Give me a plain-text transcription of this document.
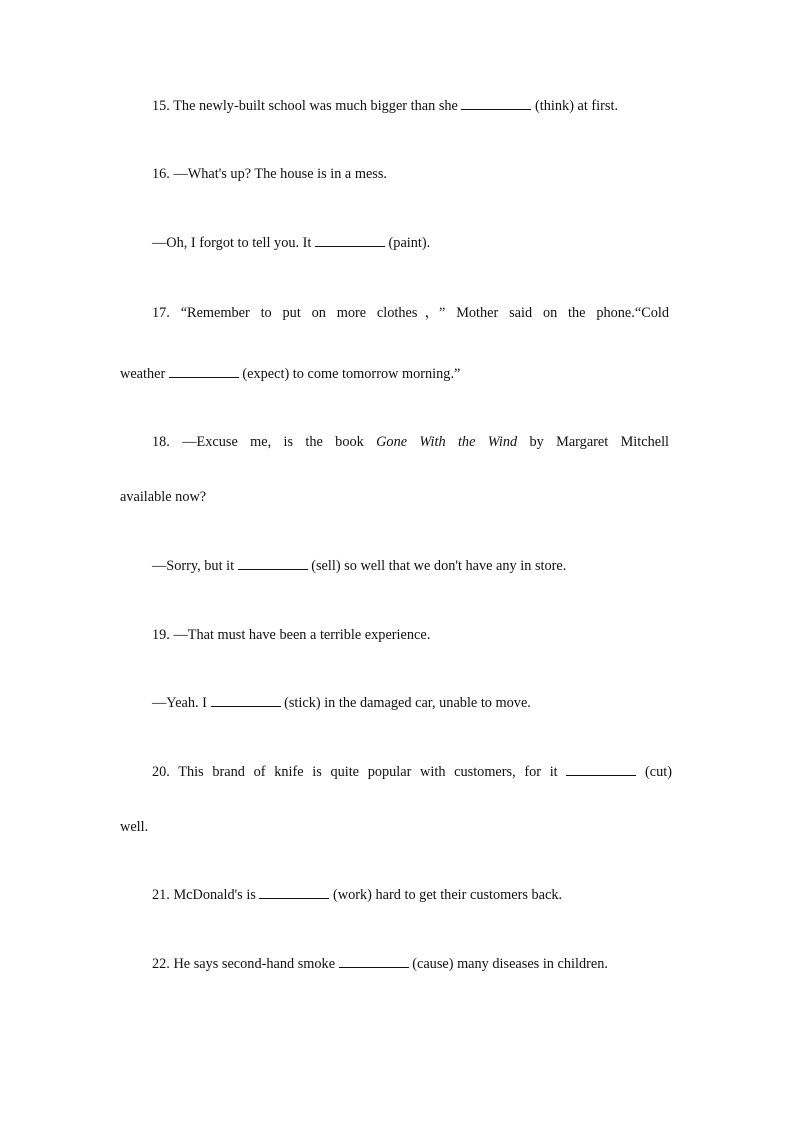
15. The newly-built school was much bigger than she	(think) at first.
16. —What's up? The house is in a mess.
—Oh, I forgot to tell you. It	(paint).
17. “Remember to put on more clothes，” Mother said on the phone.“Cold
weather	(expect) to come tomorrow morning.”
18. —Excuse me, is the book Gone With the Wind by Margaret Mitchell
available now?
—Sorry, but it	(sell) so well that we don't have any in store.
19. —That must have been a terrible experience.
—Yeah. I	(stick) in the damaged car, unable to move.
20. This brand of knife is quite popular with customers, for it	(cut)
well.
21. McDonald's is	(work) hard to get their customers back.
22. He says second-hand smoke	(cause) many diseases in children.
